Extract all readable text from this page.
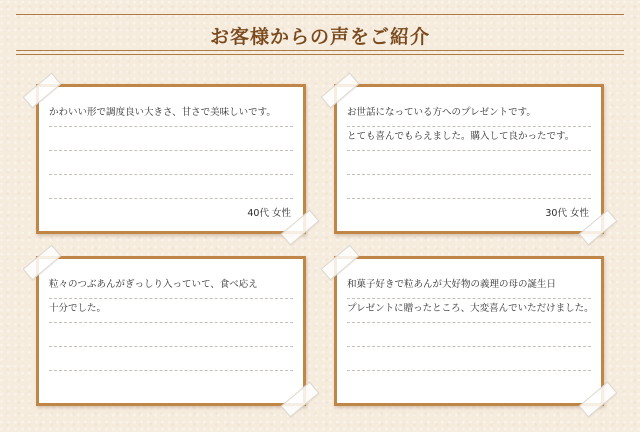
お客様からの声をご紹介
かわいい形で調度良い大きさ、甘さで美味しいです。
40代 女性
お世話になっている方へのプレゼントです。
とても喜んでもらえました。購入して良かったです。
30代 女性
粒々のつぶあんがぎっしり入っていて、食べ応え
十分でした。
和菓子好きで粒あんが大好物の義理の母の誕生日
プレゼントに贈ったところ、大変喜んでいただけました。
